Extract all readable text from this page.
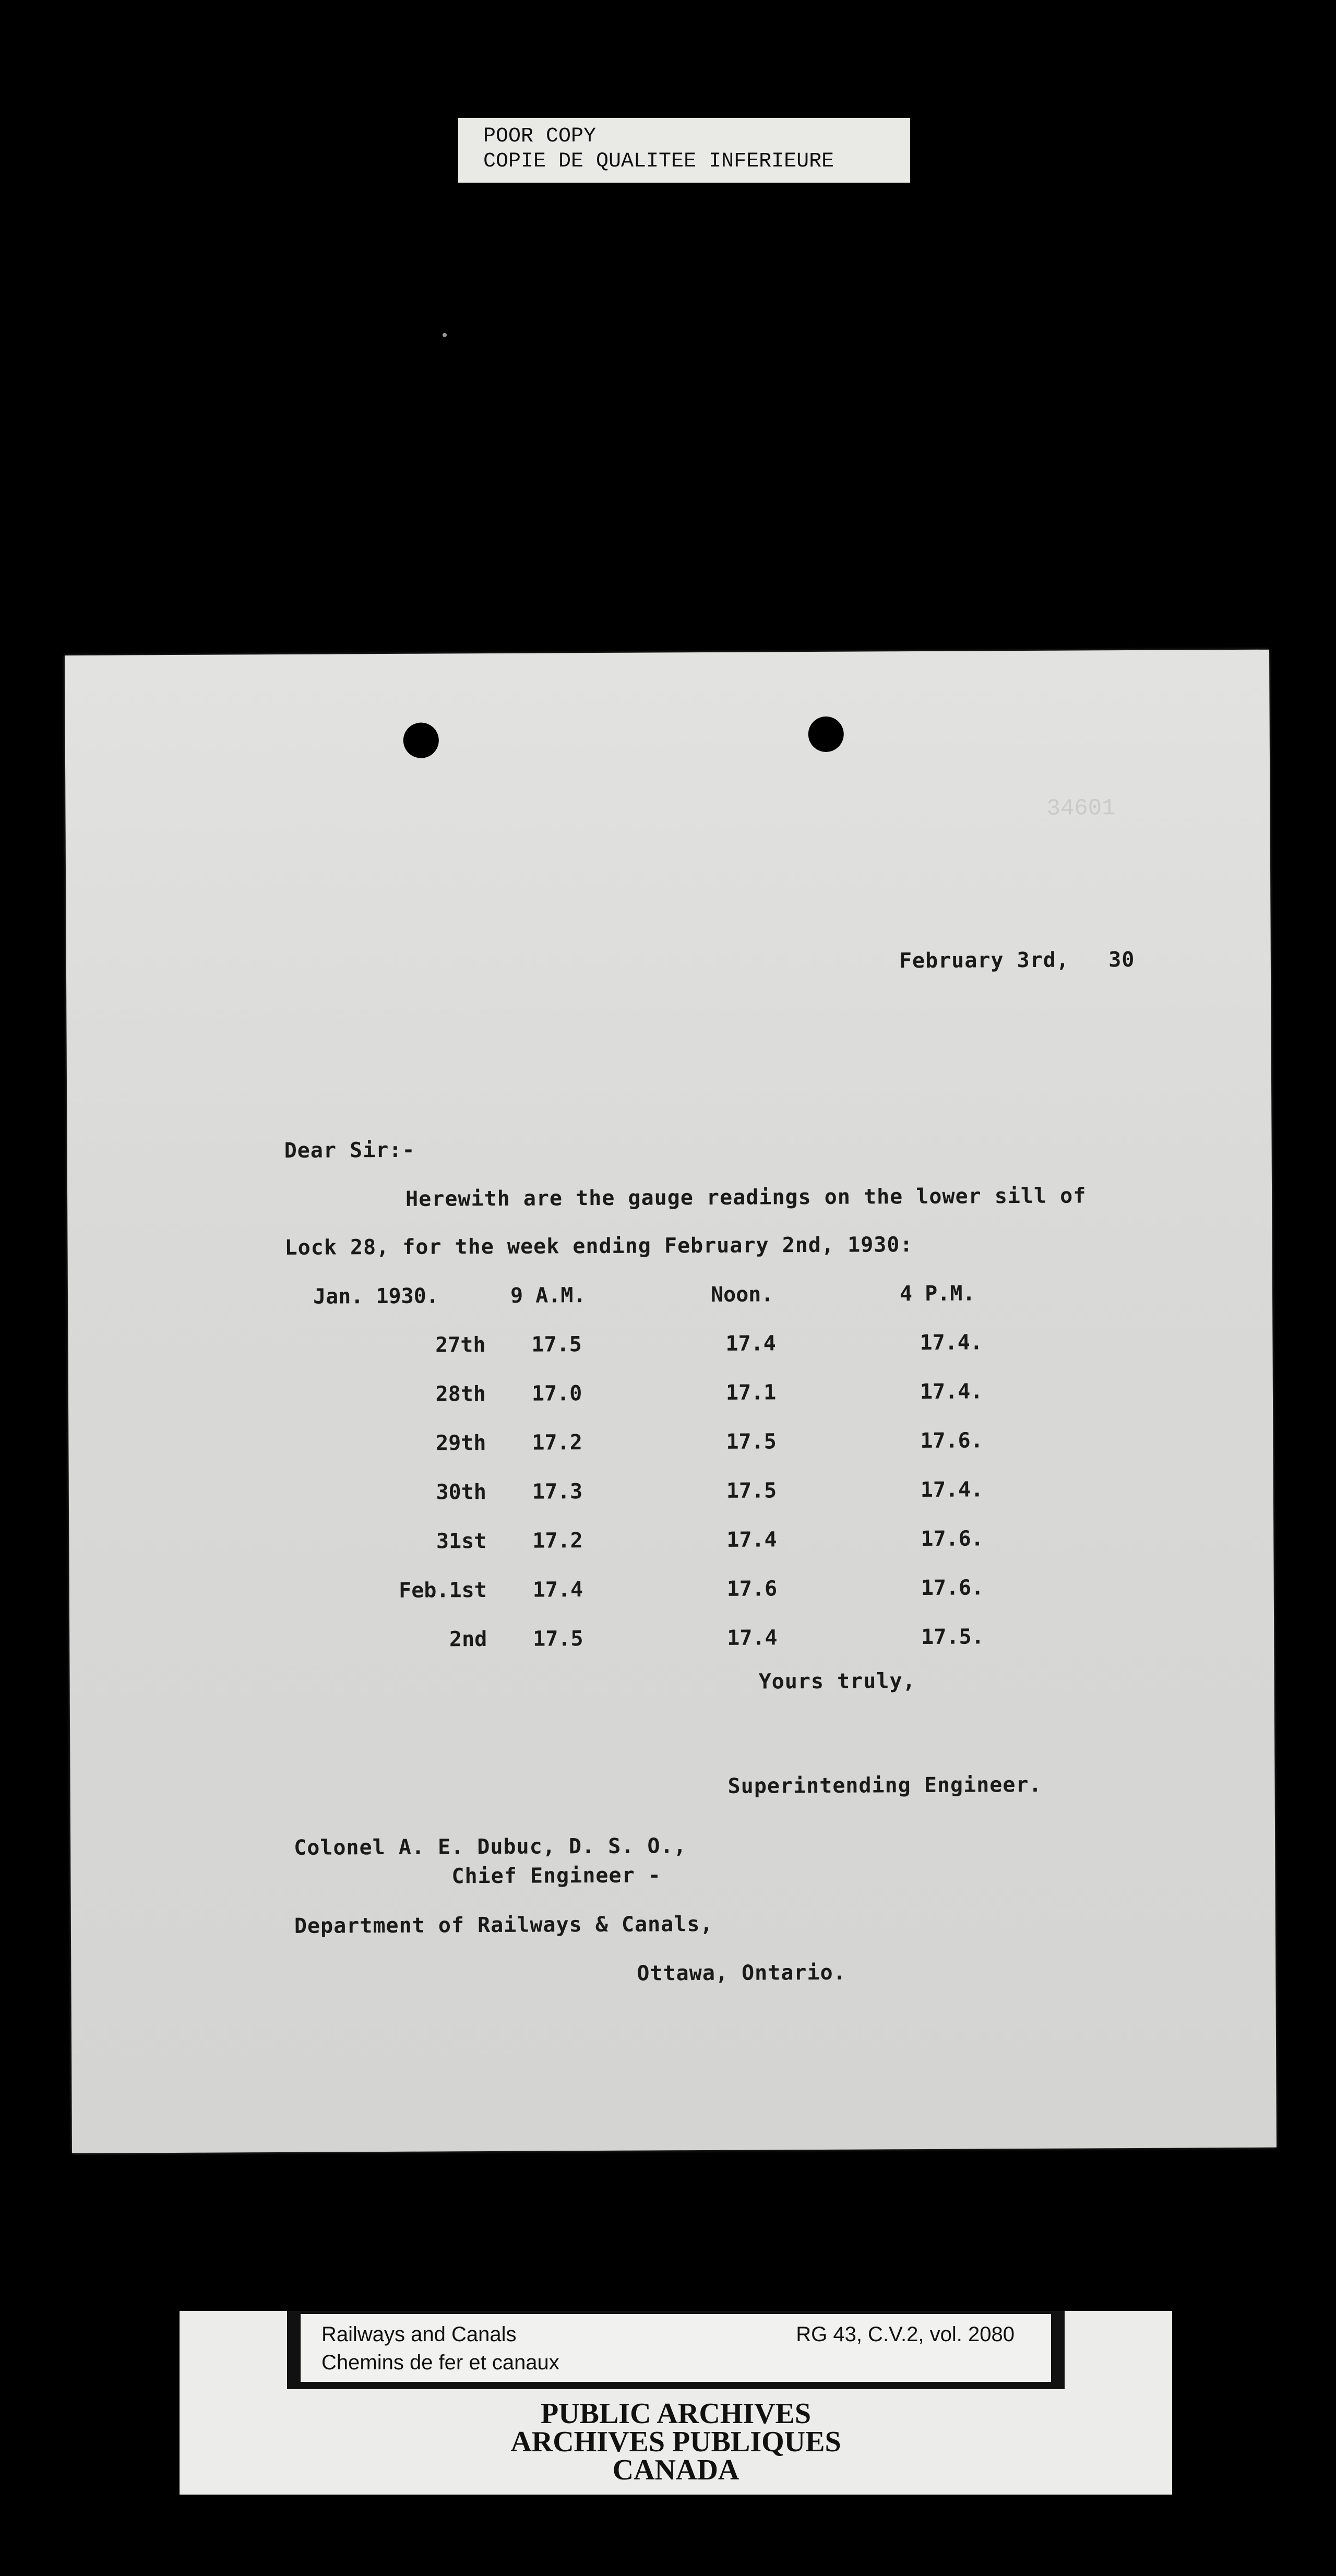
POOR COPY
COPIE DE QUALITEE INFERIEURE
34601
February 3rd,   30
Dear Sir:-
Herewith are the gauge readings on the lower sill of
Lock 28, for the week ending February 2nd, 1930:
Jan. 1930.	9 A.M.	Noon.	4 P.M.
27th 17.5	17.4	17.4.
28th 17.0	17.1	17.4.
29th 17.2	17.5	17.6.
30th 17.3	17.5	17.4.
31st 17.2	17.4	17.6.
Feb.1st 17.4	17.6	17.6.
2nd 17.5	17.4	17.5.
Yours truly,
Superintending Engineer.
Colonel A. E. Dubuc, D. S. O.,
Chief Engineer -
Department of Railways & Canals,
Ottawa, Ontario.
Railways and Canals
Chemins de fer et canaux
RG 43, C.V.2, vol. 2080
PUBLIC ARCHIVES
ARCHIVES PUBLIQUES
CANADA
